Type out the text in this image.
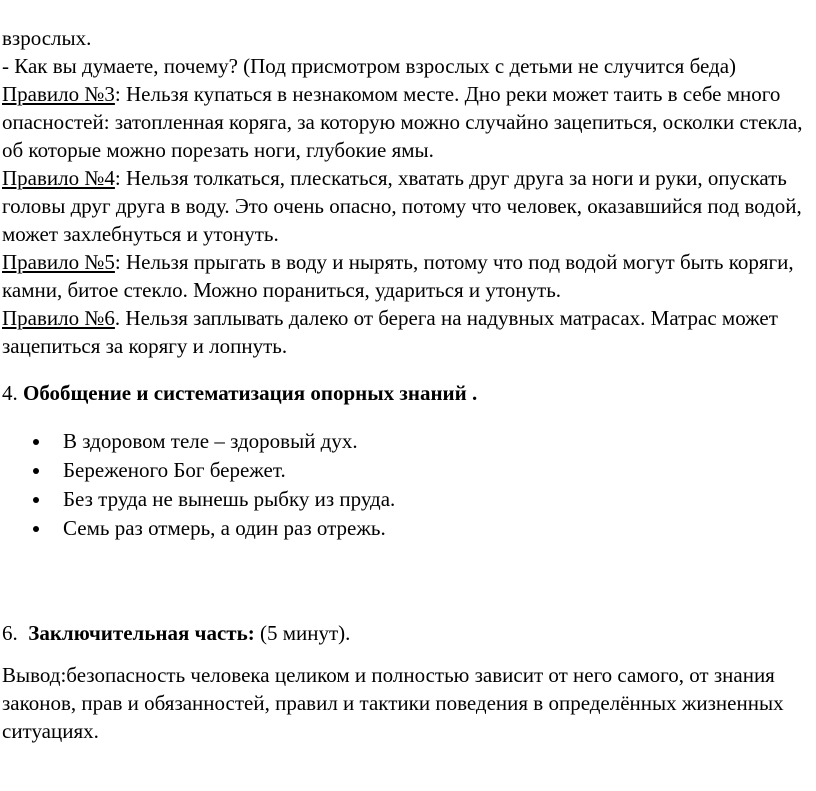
взрослых.

- Как вы думаете, почему? (Под присмотром взрослых с детьми не случится беда)

Правило №3: Нельзя купаться в незнакомом месте. Дно реки может таить в себе много опасностей: затопленная коряга, за которую можно случайно зацепиться, осколки стекла, об которые можно порезать ноги, глубокие ямы.

Правило №4: Нельзя толкаться, плескаться, хватать друг друга за ноги и руки, опускать головы друг друга в воду. Это очень опасно, потому что человек, оказавшийся под водой, может захлебнуться и утонуть.

Правило №5: Нельзя прыгать в воду и нырять, потому что под водой могут быть коряги, камни, битое стекло. Можно пораниться, удариться и утонуть.

Правило №6. Нельзя заплывать далеко от берега на надувных матрасах. Матрас может зацепиться за корягу и лопнуть.

4. Обобщение и систематизация опорных знаний .

В здоровом теле – здоровый дух.
Береженого Бог бережет.
Без труда не вынешь рыбку из пруда.
Семь раз отмерь, а один раз отрежь.

6.  Заключительная часть: (5 минут).

Вывод:безопасность человека целиком и полностью зависит от него самого, от знания законов, прав и обязанностей, правил и тактики поведения в определённых жизненных ситуациях.
